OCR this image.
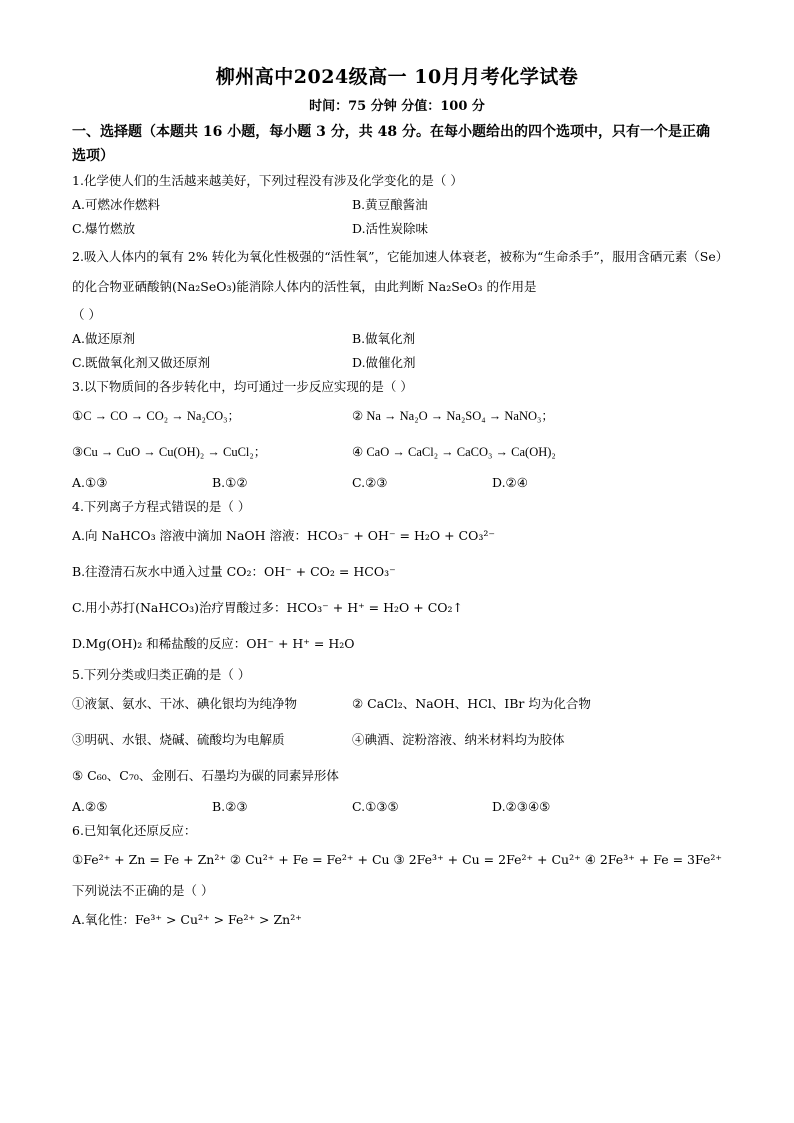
柳州高中2024级高一 10月月考化学试卷
时间：75 分钟 分值：100 分
一、选择题（本题共 16 小题，每小题 3 分，共 48 分。在每小题给出的四个选项中，只有一个是正确选项）
1.化学使人们的生活越来越美好，下列过程没有涉及化学变化的是（ ）
A.可燃冰作燃料	B.黄豆酿酱油
C.爆竹燃放	D.活性炭除味
2.吸入人体内的氧有 2% 转化为氧化性极强的“活性氧”，它能加速人体衰老，被称为“生命杀手”，服用含硒元素（Se）的化合物亚硒酸钠(Na₂SeO₃)能消除人体内的活性氧，由此判断 Na₂SeO₃ 的作用是
（ ）
A.做还原剂	B.做氧化剂
C.既做氧化剂又做还原剂	D.做催化剂
3.以下物质间的各步转化中，均可通过一步反应实现的是（ ）
①C → CO → CO₂ → Na₂CO₃；	② Na → Na₂O → Na₂SO₄ → NaNO₃；
③Cu → CuO → Cu(OH)₂ → CuCl₂；	④ CaO → CaCl₂ → CaCO₃ → Ca(OH)₂
A.①③	B.①②	C.②③	D.②④
4.下列离子方程式错误的是（ ）
A.向 NaHCO₃ 溶液中滴加 NaOH 溶液：HCO₃⁻ + OH⁻ = H₂O + CO₃²⁻
B.往澄清石灰水中通入过量 CO₂：OH⁻ + CO₂ = HCO₃⁻
C.用小苏打(NaHCO₃)治疗胃酸过多：HCO₃⁻ + H⁺ = H₂O + CO₂↑
D.Mg(OH)₂ 和稀盐酸的反应：OH⁻ + H⁺ = H₂O
5.下列分类或归类正确的是（ ）
①液氯、氨水、干冰、碘化银均为纯净物	② CaCl₂、NaOH、HCl、IBr 均为化合物
③明矾、水银、烧碱、硫酸均为电解质	④碘酒、淀粉溶液、纳米材料均为胶体
⑤ C₆₀、C₇₀、金刚石、石墨均为碳的同素异形体
A.②⑤	B.②③	C.①③⑤	D.②③④⑤
6.已知氧化还原反应：
①Fe²⁺ + Zn = Fe + Zn²⁺ ② Cu²⁺ + Fe = Fe²⁺ + Cu ③ 2Fe³⁺ + Cu = 2Fe²⁺ + Cu²⁺ ④ 2Fe³⁺ + Fe = 3Fe²⁺
下列说法不正确的是（ ）
A.氧化性：Fe³⁺ > Cu²⁺ > Fe²⁺ > Zn²⁺
